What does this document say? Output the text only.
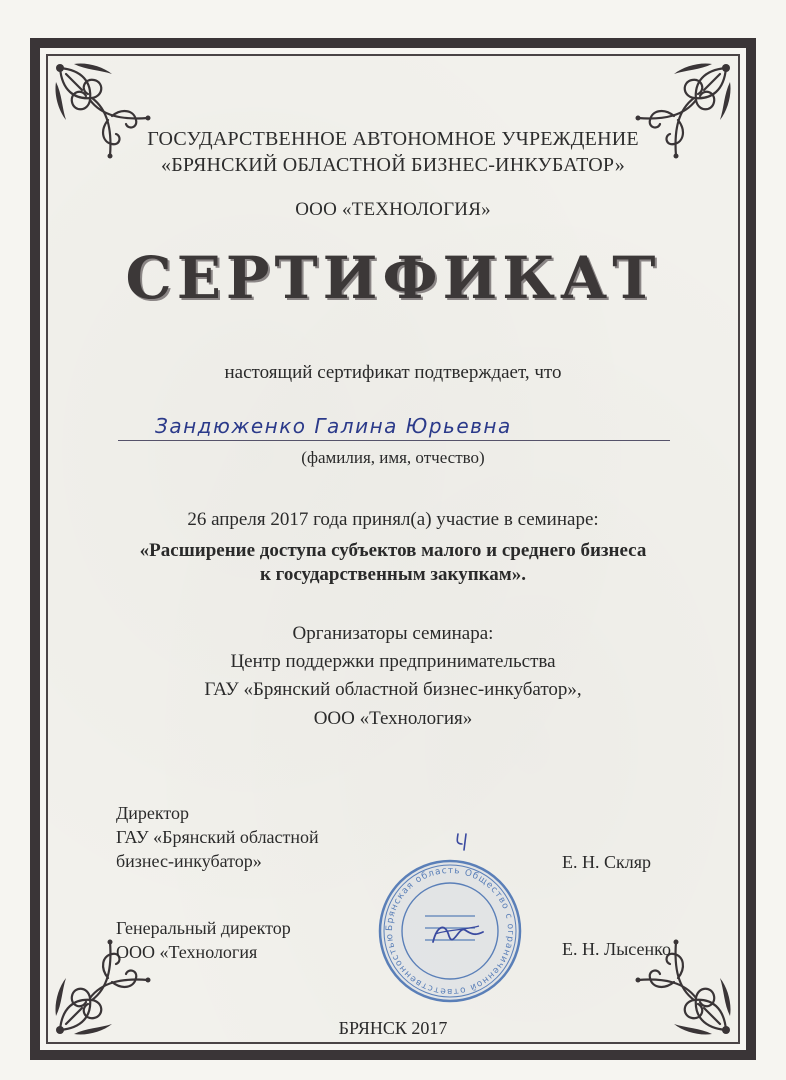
ГОСУДАРСТВЕННОЕ АВТОНОМНОЕ УЧРЕЖДЕНИЕ
«БРЯНСКИЙ ОБЛАСТНОЙ БИЗНЕС-ИНКУБАТОР»
ООО «ТЕХНОЛОГИЯ»
СЕРТИФИКАТ
настоящий сертификат подтверждает, что
Зандюженко Галина Юрьевна
(фамилия, имя, отчество)
26 апреля 2017 года принял(а) участие в семинаре:
«Расширение доступа субъектов малого и среднего бизнеса
к государственным закупкам».
Организаторы семинара:
Центр поддержки предпринимательства
ГАУ «Брянский областной бизнес-инкубатор»,
ООО «Технология»
Директор
ГАУ «Брянский областной
бизнес-инкубатор»	Е. Н. Скляр
Генеральный директор
ООО «Технология	Е. Н. Лысенко
Брянская область Общество с ограниченной ответственностью
БРЯНСК 2017
